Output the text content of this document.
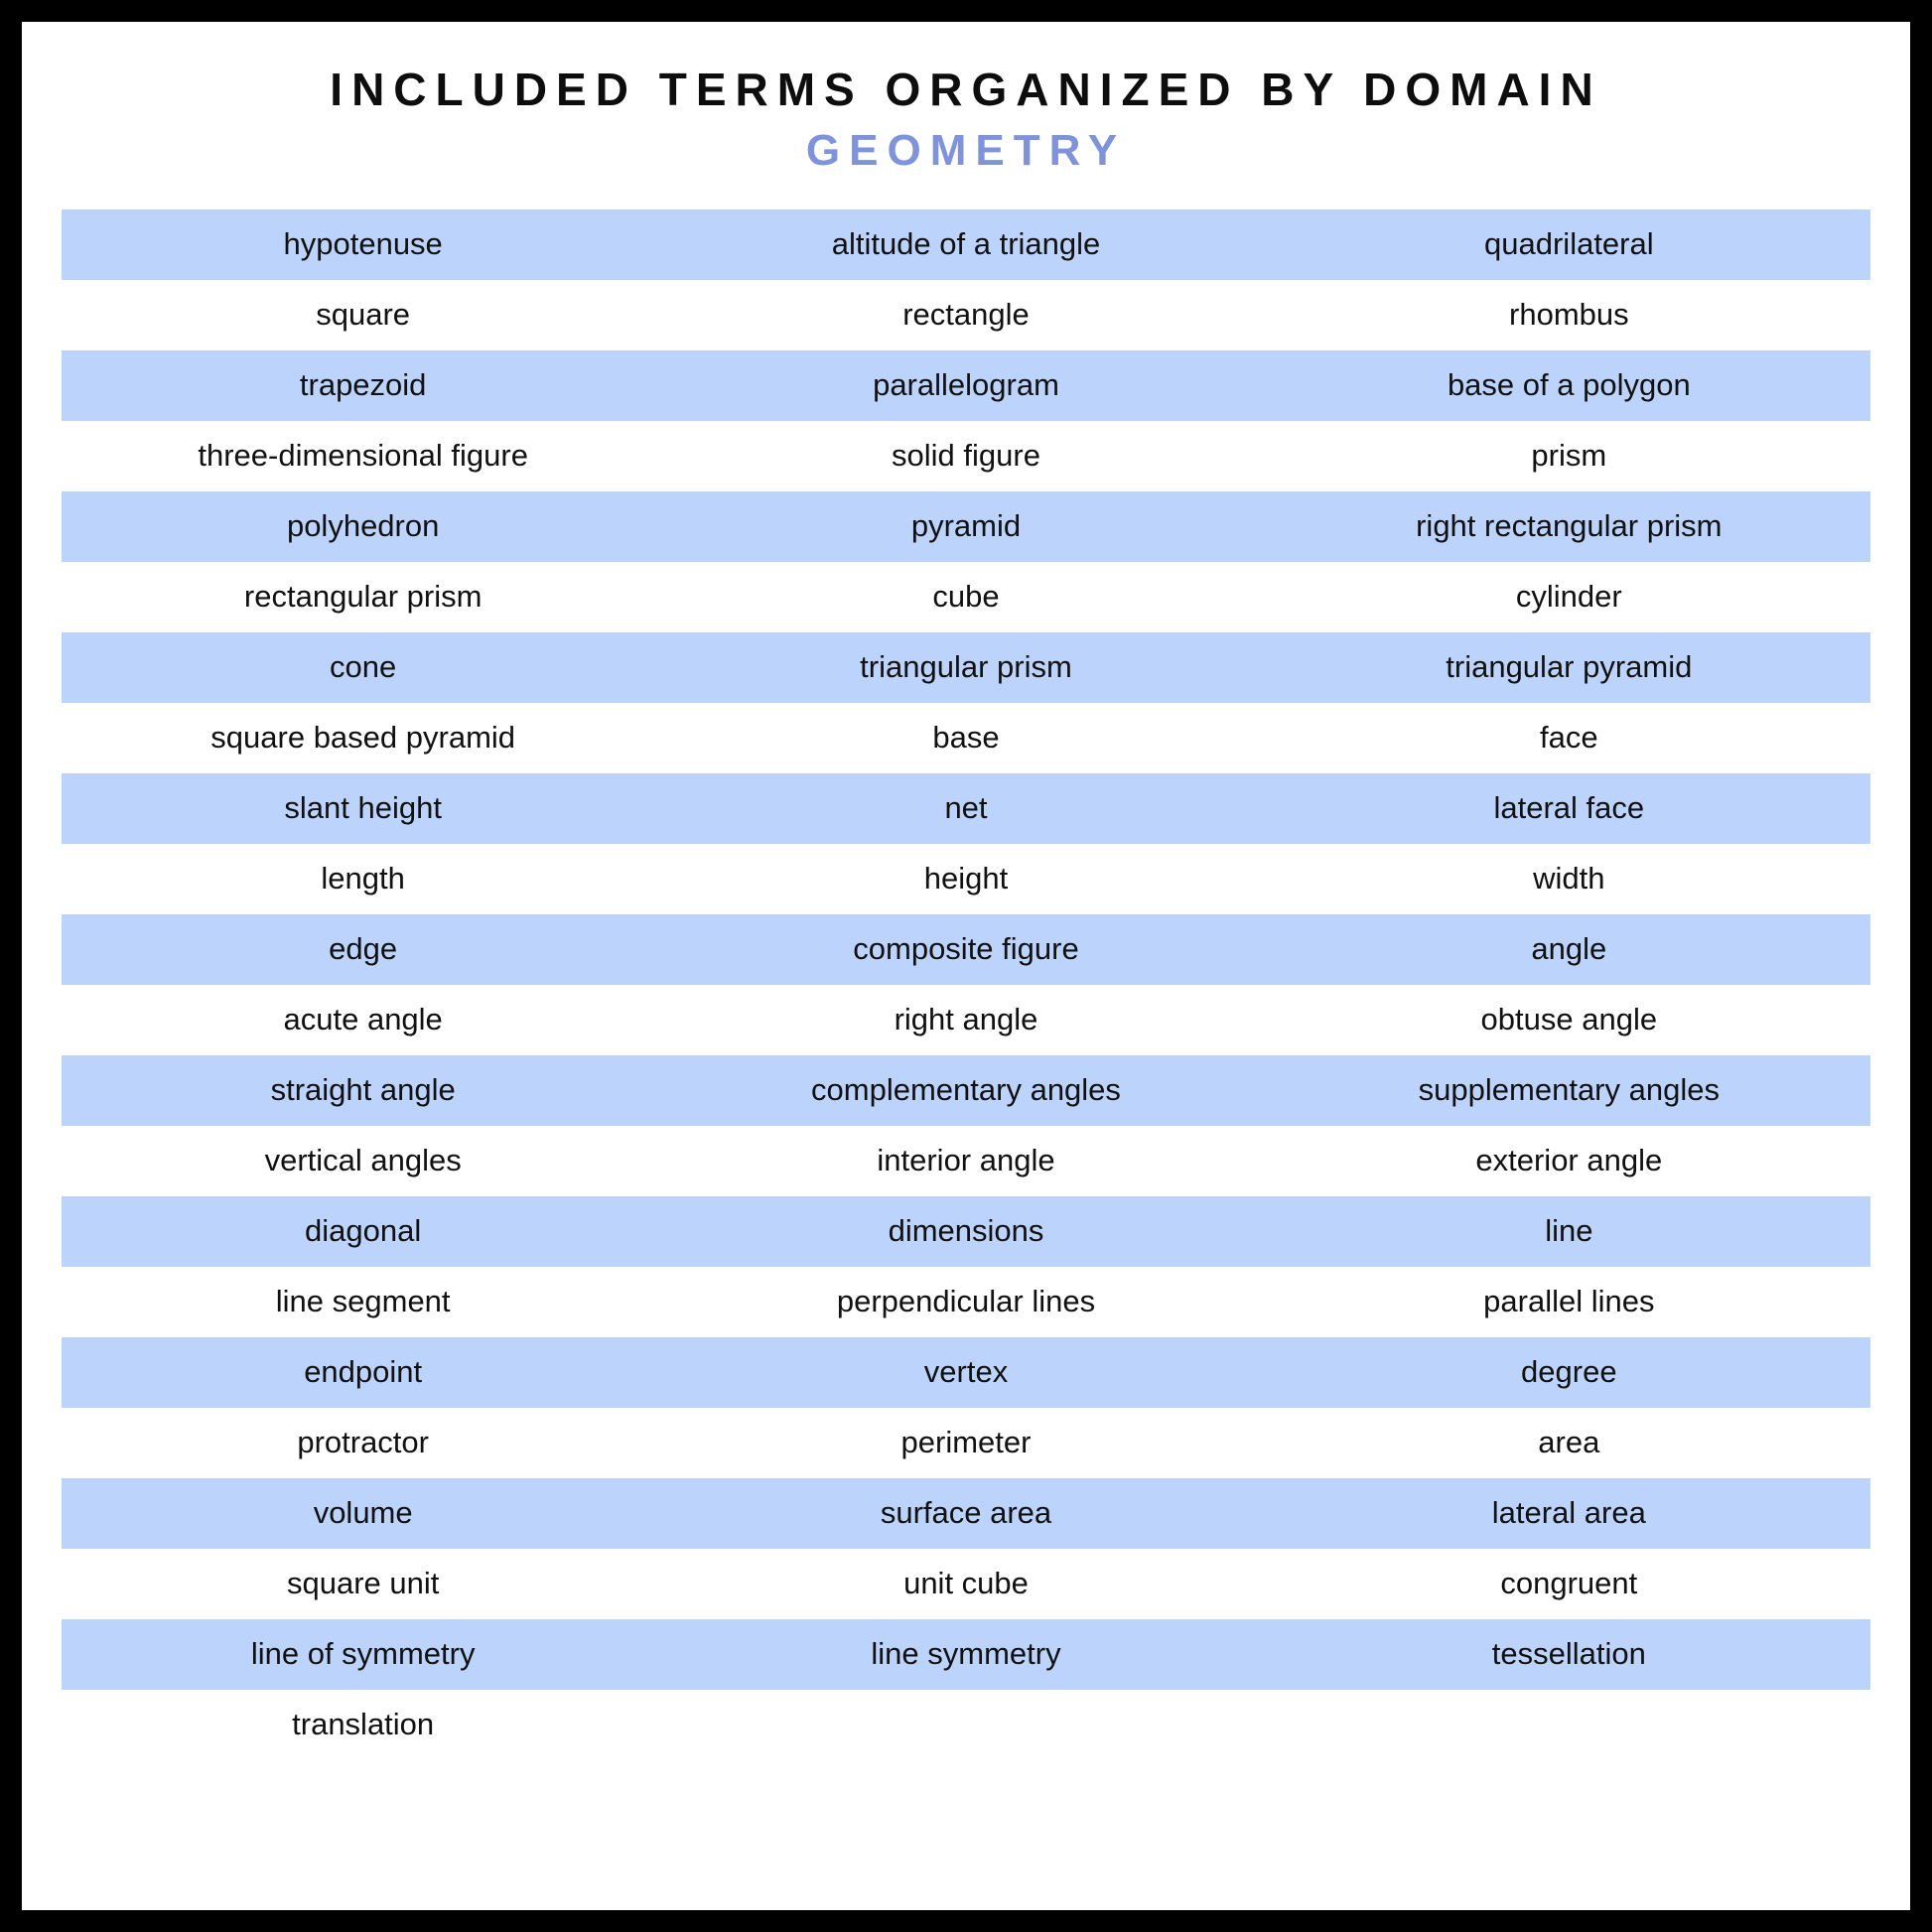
INCLUDED TERMS ORGANIZED BY DOMAIN
GEOMETRY
hypotenuse	altitude of a triangle	quadrilateral
square	rectangle	rhombus
trapezoid	parallelogram	base of a polygon
three-dimensional figure	solid figure	prism
polyhedron	pyramid	right rectangular prism
rectangular prism	cube	cylinder
cone	triangular prism	triangular pyramid
square based pyramid	base	face
slant height	net	lateral face
length	height	width
edge	composite figure	angle
acute angle	right angle	obtuse angle
straight angle	complementary angles	supplementary angles
vertical angles	interior angle	exterior angle
diagonal	dimensions	line
line segment	perpendicular lines	parallel lines
endpoint	vertex	degree
protractor	perimeter	area
volume	surface area	lateral area
square unit	unit cube	congruent
line of symmetry	line symmetry	tessellation
translation
